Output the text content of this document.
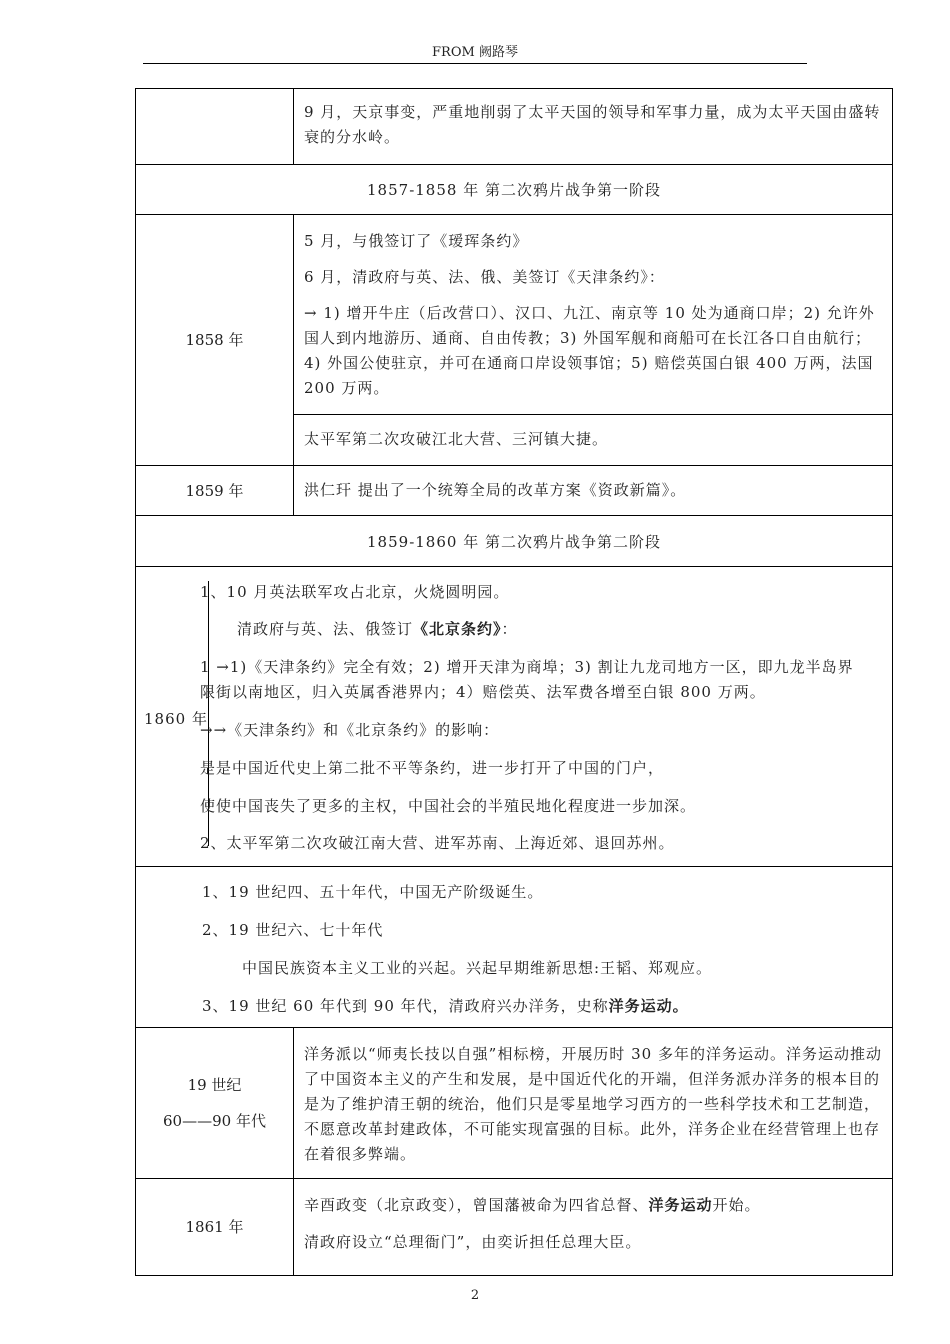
FROM 阙路琴

9 月，天京事变，严重地削弱了太平天国的领导和军事力量，成为太平天国由盛转衰的分水岭。

1857-1858 年 第二次鸦片战争第一阶段
1858 年

5 月，与俄签订了《瑷珲条约》

6 月，清政府与英、法、俄、美签订《天津条约》：

→ 1) 增开牛庄（后改营口）、汉口、九江、南京等 10 处为通商口岸；2) 允许外国人到内地游历、通商、自由传教；3) 外国军舰和商船可在长江各口自由航行；4) 外国公使驻京，并可在通商口岸设领事馆；5) 赔偿英国白银 400 万两，法国 200 万两。

太平军第二次攻破江北大营、三河镇大捷。

1859 年	洪仁玕 提出了一个统筹全局的改革方案《资政新篇》。

1859-1860 年 第二次鸦片战争第二阶段
1860 年
1、10 月英法联军攻占北京，火烧圆明园。
清政府与英、法、俄签订《北京条约》：
1 →1)《天津条约》完全有效；2) 增开天津为商埠；3) 割让九龙司地方一区，即九龙半岛界
限街以南地区，归入英属香港界内；4）赔偿英、法军费各增至白银 800 万两。
→→《天津条约》和《北京条约》的影响：
是是中国近代史上第二批不平等条约，进一步打开了中国的门户，
使使中国丧失了更多的主权，中国社会的半殖民地化程度进一步加深。
2、太平军第二次攻破江南大营、进军苏南、上海近郊、退回苏州。
1、19 世纪四、五十年代，中国无产阶级诞生。
2、19 世纪六、七十年代
中国民族资本主义工业的兴起。兴起早期维新思想:王韬、郑观应。
3、19 世纪 60 年代到 90 年代，清政府兴办洋务，史称洋务运动。
19 世纪
60——90 年代

洋务派以“师夷长技以自强”相标榜，开展历时 30 多年的洋务运动。洋务运动推动了中国资本主义的产生和发展，是中国近代化的开端，但洋务派办洋务的根本目的是为了维护清王朝的统治，他们只是零星地学习西方的一些科学技术和工艺制造，不愿意改革封建政体，不可能实现富强的目标。此外，洋务企业在经营管理上也存在着很多弊端。

1861 年

辛酉政变（北京政变），曾国藩被命为四省总督、洋务运动开始。

清政府设立“总理衙门”，由奕䜣担任总理大臣。

2
